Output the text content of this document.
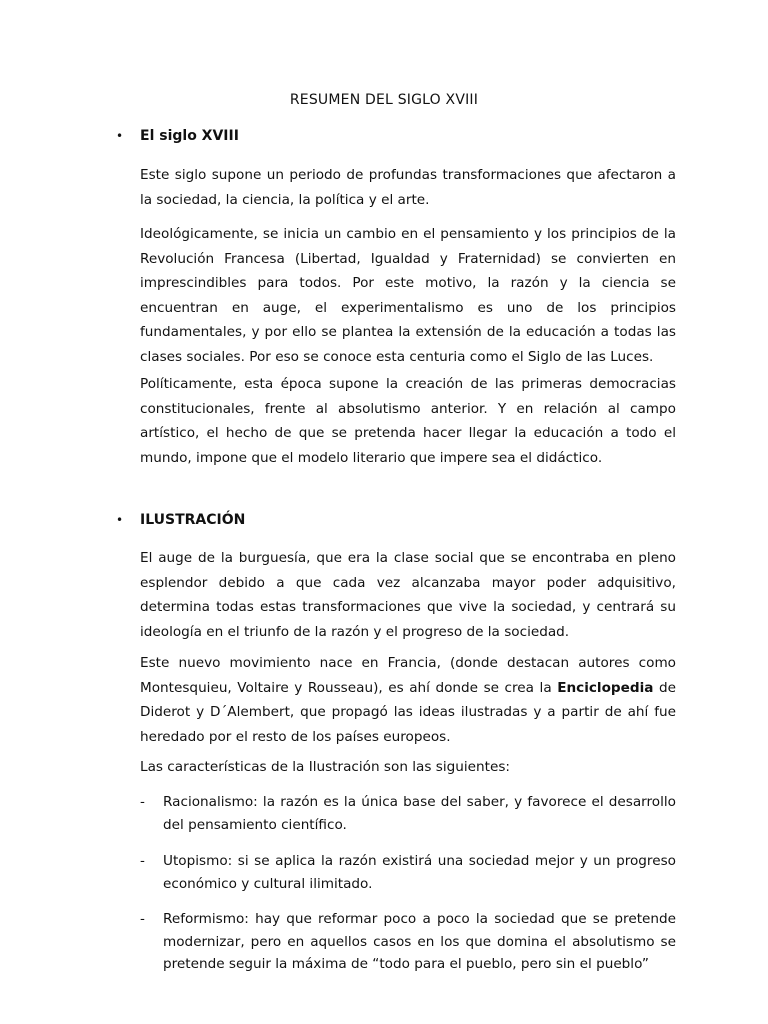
RESUMEN DEL SIGLO XVIII
• El siglo XVIII
Este siglo supone un periodo de profundas transformaciones que afectaron a la sociedad, la ciencia, la política y el arte.
Ideológicamente, se inicia un cambio en el pensamiento y los principios de la Revolución Francesa (Libertad, Igualdad y Fraternidad) se convierten en imprescindibles para todos. Por este motivo, la razón y la ciencia se encuentran en auge, el experimentalismo es uno de los principios fundamentales, y por ello se plantea la extensión de la educación a todas las clases sociales. Por eso se conoce esta centuria como el Siglo de las Luces.
Políticamente, esta época supone la creación de las primeras democracias constitucionales, frente al absolutismo anterior. Y en relación al campo artístico, el hecho de que se pretenda hacer llegar la educación a todo el mundo, impone que el modelo literario que impere sea el didáctico.
• ILUSTRACIÓN
El auge de la burguesía, que era la clase social que se encontraba en pleno esplendor debido a que cada vez alcanzaba mayor poder adquisitivo, determina todas estas transformaciones que vive la sociedad, y centrará su ideología en el triunfo de la razón y el progreso de la sociedad.
Este nuevo movimiento nace en Francia, (donde destacan autores como Montesquieu, Voltaire y Rousseau), es ahí donde se crea la Enciclopedia de Diderot y D´Alembert, que propagó las ideas ilustradas y a partir de ahí fue heredado por el resto de los países europeos.
Las características de la Ilustración son las siguientes:
- Racionalismo: la razón es la única base del saber, y favorece el desarrollo del pensamiento científico.
- Utopismo: si se aplica la razón existirá una sociedad mejor y un progreso económico y cultural ilimitado.
- Reformismo: hay que reformar poco a poco la sociedad que se pretende modernizar, pero en aquellos casos en los que domina el absolutismo se pretende seguir la máxima de “todo para el pueblo, pero sin el pueblo”
